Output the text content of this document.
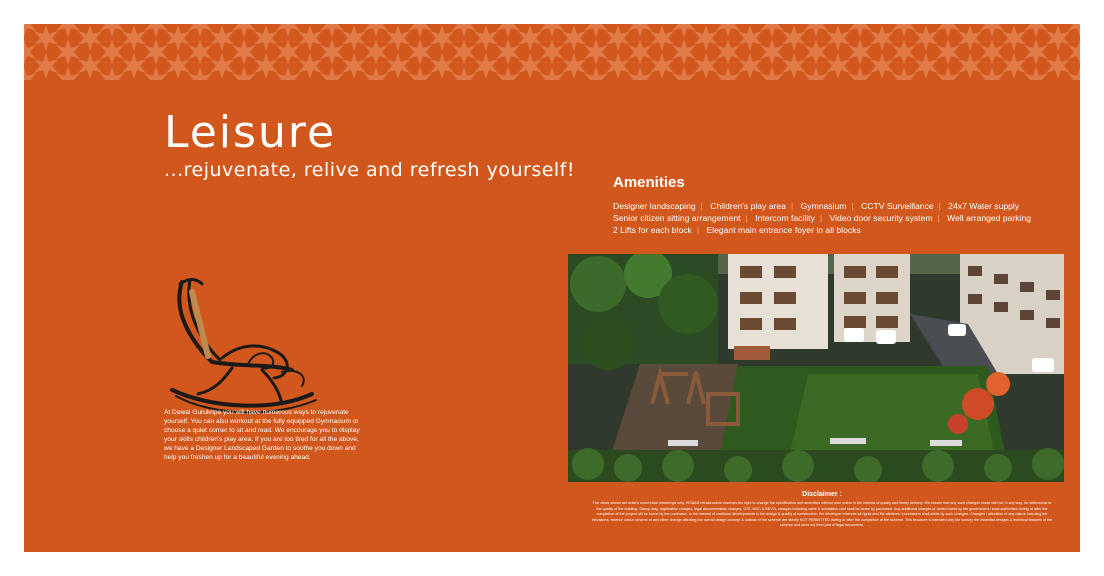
Leisure
...rejuvenate, relive and refresh yourself!
At Dewal Gurukripa you will have numerous ways to rejuvenate yourself. You can also workout at the fully equipped Gymnasium or choose a quiet corner to sit and read. We encourage you to display your skills children's play area. If you are too tired for all the above, we have a Designer Landscaped Garden to soothe you down and help you freshen up for a beautiful evening ahead.
Amenities
Designer landscaping | Children's play area | Gymnasium | CCTV Surveillance | 24x7 Water supply
Senior citizen sitting arrangement | Intercom facility | Video door security system | Well arranged parking
2 Lifts for each block | Elegant main entrance foyer in all blocks
Disclaimer :
The views shown are artist's conceptual renderings only. HISAAB Infrastructure reserves the right to change the specification and amenities without prior notice in the interest of quality and timely delivery. We ensure that any such changes made will not, in any way, be detrimental to the quality of the building. Stamp duty, registration charges, legal documentation charges, GST, MVC & BEVCL charges including cable & substation cost shall be borne by purchaser. Any additional charges or duties levied by the government / local authorities during or after the completion of the project will be borne by the purchaser. In the interest of continual developments in the design & quality of construction, the developer reserves all rights and the allottees / purchasers shall abide by such changes. Changes / alteration of any nature including the elevations, exterior colour scheme or any other change affecting the overall design concept & outlook of the scheme are strictly NOT PERMITTED during or after the completion of the scheme. This brochure is intended only the convey the essential designs & technical features of the scheme and does not form part of legal documents.
